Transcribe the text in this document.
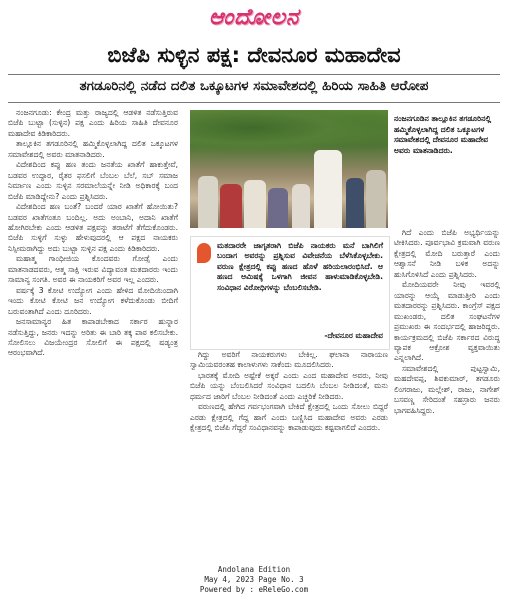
ಆಂದೋಲನ
ಬಿಜೆಪಿ ಸುಳ್ಳಿನ ಪಕ್ಷ: ದೇವನೂರ ಮಹಾದೇವ
ತಗಡೂರಿನಲ್ಲಿ ನಡೆದ ದಲಿತ ಒಕ್ಕೂಟಗಳ ಸಮಾವೇಶದಲ್ಲಿ ಹಿರಿಯ ಸಾಹಿತಿ ಆರೋಪ

ನಂಜನಗೂಡು: ಕೇಂದ್ರ ಮತ್ತು ರಾಜ್ಯದಲ್ಲಿ ಆಡಳಿತ ನಡೆಸುತ್ತಿರುವ ಬಿಜೆಪಿ ಬುಟ್ಟಾ (ಸುಳ್ಳಿನ) ಪಕ್ಷ ಎಂದು ಹಿರಿಯ ಸಾಹಿತಿ ದೇವನೂರ ಮಹಾದೇವ ಕಿಡಿಕಾರಿದರು.

ತಾಲ್ಲೂಕಿನ ತಗಡೂರಿನಲ್ಲಿ ಹಮ್ಮಿಕೊಳ್ಳಲಾಗಿದ್ದ ದಲಿತ ಒಕ್ಕೂಟಗಳ ಸಮಾವೇಶದಲ್ಲಿ ಅವರು ಮಾತನಾಡಿದರು.

ವಿದೇಶದಿಂದ ಕಪ್ಪು ಹಣ ತಂದು ಜನತೆಯ ಖಾತೆಗೆ ಹಾಕುತ್ತೇವೆ, ಬಡವರ ಉದ್ಧಾರ, ರೈತರ ಫಸಲಿಗೆ ಬೆಂಬಲ ಬೆಲೆ, ಸಬ್ ಸಮಾಜ ನಿರ್ಮಾಣ ಎಂದು ಸುಳ್ಳಿನ ಸರಮಾಲೆಯನ್ನೇ ನೀಡಿ ಅಧಿಕಾರಕ್ಕೆ ಬಂದ ಬಿಜೆಪಿ ಮಾಡಿದ್ದೇನು? ಎಂದು ಪ್ರಶ್ನಿಸಿದರು.

ವಿದೇಶದಿಂದ ಹಣ ಬಂತೆ? ಬಂದರೆ ಯಾರ ಖಾತೆಗೆ ಹೋಯಿತು? ಬಡವರ ಖಾತೆಗಂತೂ ಬಂದಿಲ್ಲ. ಅದು ಅಂಬಾನಿ, ಅದಾನಿ ಖಾತೆಗೆ ಹೋಗಿರಬೇಕು ಎಂದು ಆಡಳಿತ ಪಕ್ಷವನ್ನು ತರಾಟೆಗೆ ತೆಗೆದುಕೊಂಡರು. ಬಿಜೆಪಿ ಸುಳ್ಳಿಗೆ ಸುಳ್ಳು ಹೇಳುವುದರಲ್ಲಿ ಆ ಪಕ್ಷದ ನಾಯಕರು ನಿಸ್ಸೀಮರಾಗಿದ್ದು ಅದು ಬುಟ್ಟಾ ಸುಳ್ಳಿನ ಪಕ್ಷ ಎಂದು ಕಿಡಿಕಾರಿದರು.

ಮಹಾತ್ಮ ಗಾಂಧೀಜಿಯ ಕೊಂದವರು ಗೋಡ್ಸೆ ಎಂದು ಮಾತನಾಡದವರು, ಆತ್ಮ ಸಾಕ್ಷಿ ಇರುವ ವಿದ್ಯಾವಂತ ಮತದಾರರು ಇಂದು ಸಾಮಾನ್ಯ ಸಂಗತಿ. ಅವರ ಈ ನಾಯಕರಿಗೆ ಅವರ ಇಲ್ಲ ಎಂದರು.

ವರ್ಷಕ್ಕೆ 3 ಕೋಟಿ ಉದ್ಯೋಗ ಎಂದು ಹೇಳಿದ ಮೋದಿಯಿಂದಾಗಿ ಇಂದು ಕೋಟಿ ಕೋಟಿ ಜನ ಉದ್ಯೋಗ ಕಳೆದುಕೊಂಡು ಬೀದಿಗೆ ಬರುವಂತಾಗಿದೆ ಎಂದು ದೂರಿದರು.

ಜನಸಾಮಾನ್ಯರ ಹಿತ ಕಾಪಾಡಬೇಕಾದ ಸರ್ಕಾರ ಹುನ್ನಾರ ನಡೆಸುತ್ತಿದ್ದು, ಜನರು ಇದನ್ನು ಅರಿತು ಈ ಬಾರಿ ತಕ್ಕ ಪಾಠ ಕಲಿಸಬೇಕು. ಸೋಲಿಸಲು ವಿಜಯೇಂದ್ರರ ಸೋಲಿಗೆ ಈ ಪಕ್ಷದಲ್ಲಿ ಷಡ್ಯಂತ್ರ ಆರಂಭವಾಗಿದೆ.

ನಂಜನಗೂಡಿನ ತಾಲ್ಲೂಕಿನ ತಗಡೂರಿನಲ್ಲಿ ಹಮ್ಮಿಕೊಳ್ಳಲಾಗಿದ್ದ ದಲಿತ ಒಕ್ಕೂಟಗಳ ಸಮಾವೇಶದಲ್ಲಿ ದೇವನೂರ ಮಹಾದೇವ ಅವರು ಮಾತನಾಡಿದರು.
ಮತದಾರರೇ ಜಾಗೃತರಾಗಿ ಬಿಜೆಪಿ ನಾಯಕರು ಮನೆ ಬಾಗಿಲಿಗೆ ಬಂದಾಗ ಅವರನ್ನು ಪ್ರಶ್ನಿಸುವ ವಿವೇಚನೆಯ ಬೆಳೆಸಿಕೊಳ್ಳಬೇಕು. ವರುಣ ಕ್ಷೇತ್ರದಲ್ಲಿ ಕಪ್ಪು ಹಣದ ಹೊಳೆ ಹರಿಯಲಾರಂಭಿಸಿದೆ. ಆ ಹಣದ ಆಮಿಷಕ್ಕೆ ಒಳಗಾಗಿ ಜೀವನ ಹಾಳುಮಾಡಿಕೊಳ್ಳಬೇಡಿ. ಸಂವಿಧಾನ ವಿರೋಧಿಗಳನ್ನು ಬೆಂಬಲಿಸಬೇಡಿ.
-ದೇವನೂರ ಮಹಾದೇವ

ಗಿದ್ದು ಅವರಿಗೆ ನಾಯಕರುಗಳು ಬೇಕಿಲ್ಲ. ಘಲಾನಾ ನಾರಾಯಣ ಸ್ವಾಮಿಯವರಂತಹ ಕಾಲಾಳುಗಳು ಸಾಕೆಂದು ಮೂದಲಿಸಿದರು.

ಭಾರತಕ್ಕೆ ಮೋದಿ ಅಷ್ಟೇಕೆ ಅಕ್ಕರೆ ಎಂದು ಎಂದ ಮಹಾದೇವ ಅವರು, ನೀವು ಬಿಜೆಪಿ ಯನ್ನು ಬೆಂಬಲಿಸಿದರೆ ಸಂವಿಧಾನ ಬದಲಿಸಿ ಬೆಂಬಲ ನೀಡಿದಂತೆ, ಮನು ಧರ್ಮದ ಜಾರಿಗೆ ಬೆಂಬಲ ನೀಡಿದಂತೆ ಎಂದು ಎಚ್ಚರಿಕೆ ನೀಡಿದರು.

ವರುಣದಲ್ಲಿ ಹೇಗಿದ ಗರ್ವಭಂಗವಾಗಿ ಬೇಕಿದೆ ಕ್ಷೇತ್ರದಲ್ಲಿ ಒಂದು ಸೋಲು ಬಿದ್ದರೆ ಎರಡು ಕ್ಷೇತ್ರದಲ್ಲಿ ಗೆದ್ದ ಹಾಗೆ ಎಂದು ಬಣ್ಣಿಸಿದ ಮಹಾದೇವ ಅವರು ಎರಡು ಕ್ಷೇತ್ರದಲ್ಲಿ ಬಿಜೆಪಿ ಗೆದ್ದರೆ ಸಂವಿಧಾನವನ್ನು ಕಾಪಾಡುವುದು ಕಷ್ಟವಾಗಲಿದೆ ಎಂದರು.

ಗಿದೆ ಎಂದು ಬಿಜೆಪಿ ಅಭ್ಯರ್ಥಿಯನ್ನು ಟೀಕಿಸಿದರು. ಪೂರ್ವಭಾವಿ ಕ್ರಮವಾಗಿ ವರುಣ ಕ್ಷೇತ್ರದಲ್ಲಿ ಮೋದಿ ಬರುತ್ತಾರೆ ಎಂದು ಆಶ್ವಾಸನೆ ನೀಡಿ ಬಳಿಕ ಅದನ್ನು ಹುಸಿಗೊಳಿಸಿದೆ ಎಂದು ಪ್ರಶ್ನಿಸಿದರು.

ಮೋದಿಯವರೇ ನೀವು ಇವರಲ್ಲಿ ಯಾರನ್ನು ಆಯ್ಕೆ ಮಾಡುತ್ತೀರಿ ಎಂದು ಮತದಾರರನ್ನು ಪ್ರಶ್ನಿಸಿದರು. ಕಾಂಗ್ರೆಸ್ ಪಕ್ಷದ ಮುಖಂಡರು, ದಲಿತ ಸಂಘಟನೆಗಳ ಪ್ರಮುಖರು ಈ ಸಂದರ್ಭದಲ್ಲಿ ಹಾಜರಿದ್ದರು. ಕಾರ್ಯಕ್ರಮದಲ್ಲಿ ಬಿಜೆಪಿ ಸರ್ಕಾರದ ವಿರುದ್ಧ ವ್ಯಾಪಕ ಆಕ್ರೋಶ ವ್ಯಕ್ತವಾಯಿತು ಎನ್ನಲಾಗಿದೆ.

ಸಮಾವೇಶದಲ್ಲಿ ಪುಟ್ಟಸ್ವಾಮಿ, ಮಹದೇವಪ್ಪ, ಶಿವಕುಮಾರ್, ತಗಡೂರು ಲಿಂಗರಾಜು, ಮಲ್ಲೇಶ್, ರಾಜು, ನಾಗೇಶ್ ಬಸವಣ್ಣ ಸೇರಿದಂತೆ ಸಹಸ್ರಾರು ಜನರು ಭಾಗವಹಿಸಿದ್ದರು.

Andolana Edition
May 4, 2023 Page No. 3
Powered by : eReleGo.com
